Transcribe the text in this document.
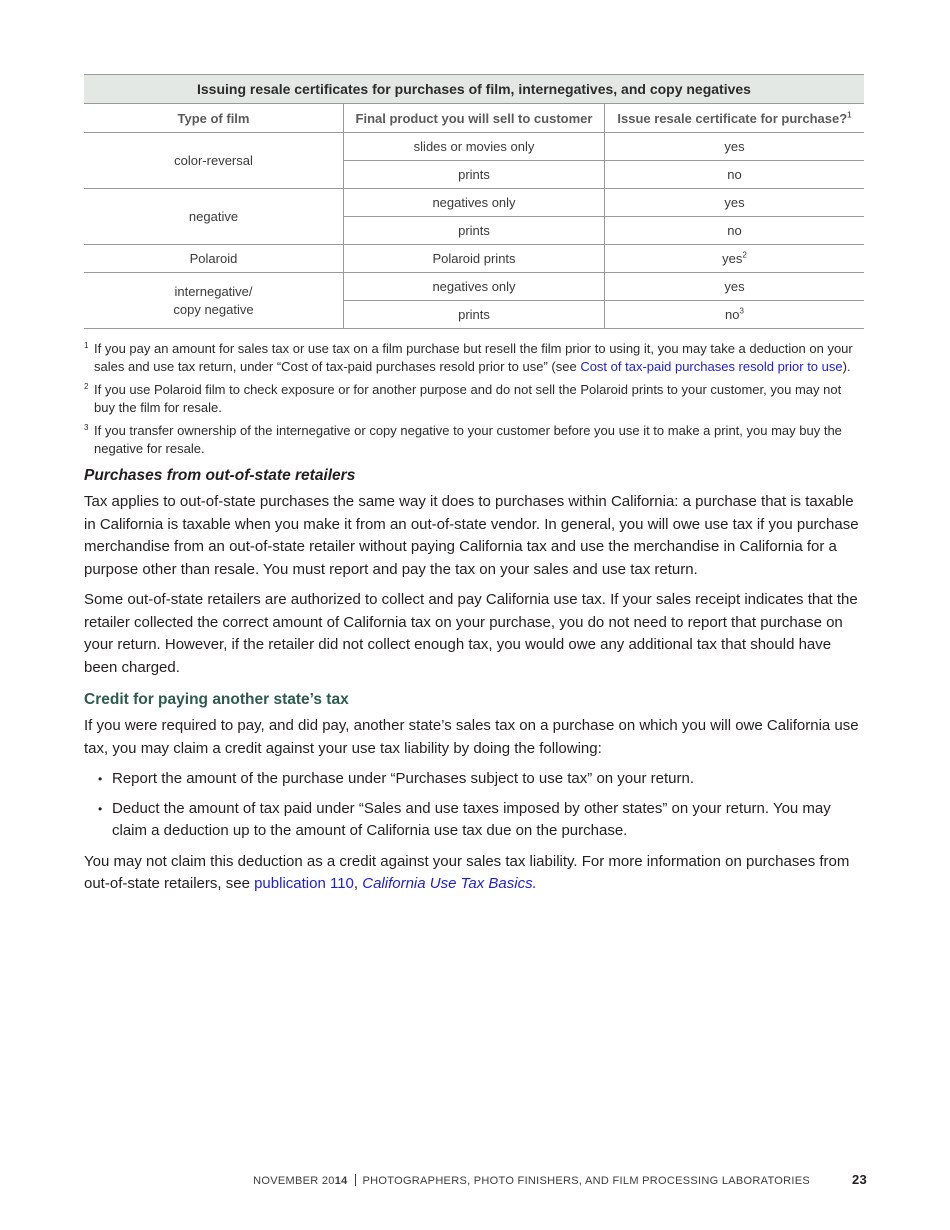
Issuing resale certificates for purchases of film, internegatives, and copy negatives		
Type of film	Final product you will sell to customer	Issue resale certificate for purchase?$^1$
color-reversal	slides or movies only	yes
	prints	no
negative	negatives only	yes
	prints	no
Polaroid	Polaroid prints	yes$^2$
internegative/
copy negative	negatives only	yes
	prints	$no^3$
1 If you pay an amount for sales tax or use tax on a film purchase but resell the film prior to using it, you may take a deduction on your sales and use tax return, under “Cost of tax-paid purchases resold prior to use” (see Cost of tax-paid purchases resold prior to use).
2 If you use Polaroid film to check exposure or for another purpose and do not sell the Polaroid prints to your customer, you may not buy the film for resale.
3 If you transfer ownership of the internegative or copy negative to your customer before you use it to make a print, you may buy the negative for resale.
Purchases from out-of-state retailers

Tax applies to out-of-state purchases the same way it does to purchases within California: a purchase that is taxable in California is taxable when you make it from an out-of-state vendor. In general, you will owe use tax if you purchase merchandise from an out-of-state retailer without paying California tax and use the merchandise in California for a purpose other than resale. You must report and pay the tax on your sales and use tax return.

Some out-of-state retailers are authorized to collect and pay California use tax. If your sales receipt indicates that the retailer collected the correct amount of California tax on your purchase, you do not need to report that purchase on your return. However, if the retailer did not collect enough tax, you would owe any additional tax that should have been charged.

Credit for paying another state’s tax

If you were required to pay, and did pay, another state’s sales tax on a purchase on which you will owe California use tax, you may claim a credit against your use tax liability by doing the following:

• Report the amount of the purchase under “Purchases subject to use tax” on your return.
• Deduct the amount of tax paid under “Sales and use taxes imposed by other states” on your return. You may claim a deduction up to the amount of California use tax due on the purchase.

You may not claim this deduction as a credit against your sales tax liability. For more information on purchases from out-of-state retailers, see publication 110, California Use Tax Basics.

NOVEMBER 2014 PHOTOGRAPHERS, PHOTO FINISHERS, AND FILM PROCESSING LABORATORIES	23
